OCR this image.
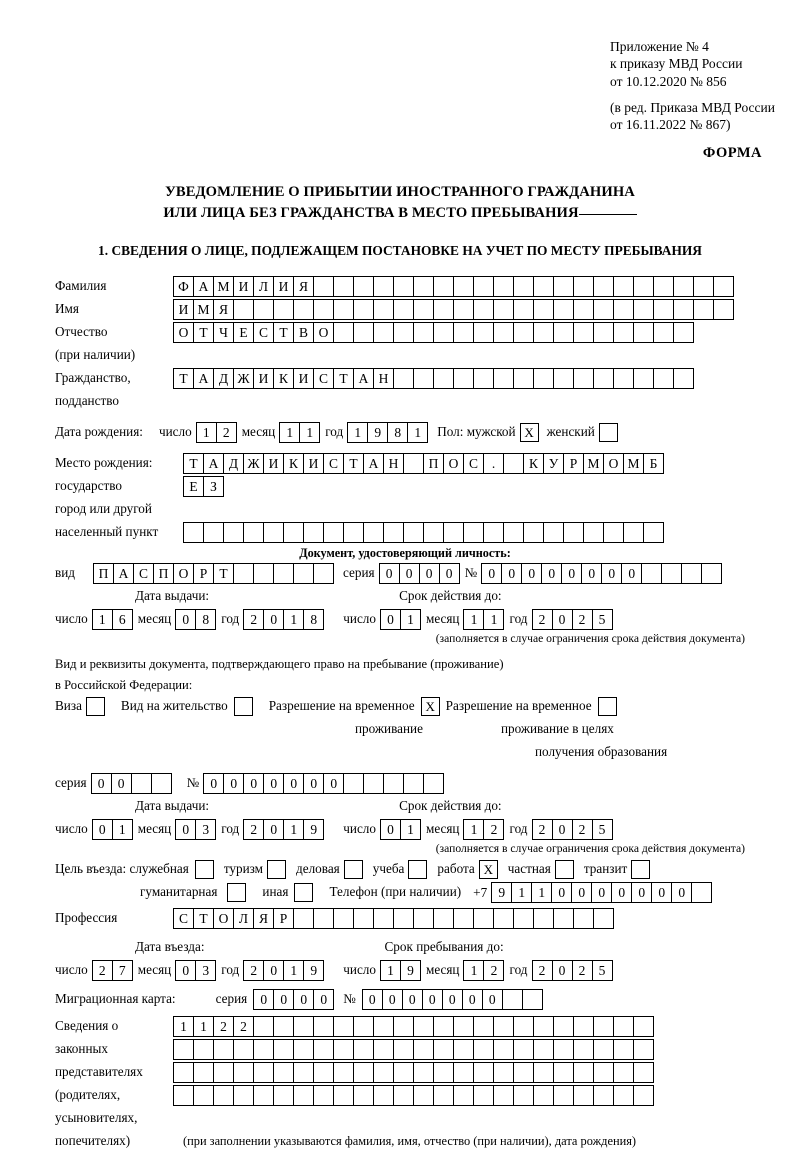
Приложение № 4
к приказу МВД России
от 10.12.2020 № 856
(в ред. Приказа МВД России
от 16.11.2022 № 867)
ФОРМА
УВЕДОМЛЕНИЕ О ПРИБЫТИИ ИНОСТРАННОГО ГРАЖДАНИНА
ИЛИ ЛИЦА БЕЗ ГРАЖДАНСТВА В МЕСТО ПРЕБЫВАНИЯ
1. СВЕДЕНИЯ О ЛИЦЕ, ПОДЛЕЖАЩЕМ ПОСТАНОВКЕ НА УЧЕТ ПО МЕСТУ ПРЕБЫВАНИЯ
Фамилия	Ф А М И Л И Я
Имя	И М Я
Отчество	О Т Ч Е С Т В О
(при наличии)
Гражданство,	Т А Д Ж И К И С Т А Н
подданство
Дата рождения: число 1 2 месяц 1 1 год 1 9 8 1	Пол: мужской Х женский
Место рождения:	Т А Д Ж И К И С Т А Н	П О С	.	К У Р М О М Б
государство	Е З
город или другой
населенный пункт
Документ, удостоверяющий личность:
вид	П А С П О Р Т	серия 0 0 0 0 № 0 0 0 0 0 0 0 0
Дата выдачи:	Срок действия до:
число 1 6 месяц 0 8 год 2 0 1 8	число 0 1 месяц 1 1 год 2 0 2 5
(заполняется в случае ограничения срока действия документа)
Вид и реквизиты документа, подтверждающего право на пребывание (проживание)
в Российской Федерации:
Виза	Вид на жительство	Разрешение на временное Х Разрешение на временное
проживание	проживание в целях
получения образования
серия 0 0	№ 0 0 0 0 0 0 0
Дата выдачи:	Срок действия до:
число 0 1 месяц 0 3 год 2 0 1 9	число 0 1 месяц 1 2 год 2 0 2 5
(заполняется в случае ограничения срока действия документа)
Цель въезда: служебная	туризм	деловая	учеба	работа Х	частная	транзит
гуманитарная	иная	Телефон (при наличии) +7 9 1 1 0 0 0 0 0 0 0
Профессия	С Т О Л Я Р
Дата въезда:	Срок пребывания до:
число 2 7 месяц 0 3 год 2 0 1 9	число 1 9 месяц 1 2 год 2 0 2 5
Миграционная карта:	серия 0 0 0 0	№ 0 0 0 0 0 0 0
Сведения о	1 1 2 2
законных
представителях
(родителях,
усыновителях,
попечителях)	(при заполнении указываются фамилия, имя, отчество (при наличии), дата рождения)
